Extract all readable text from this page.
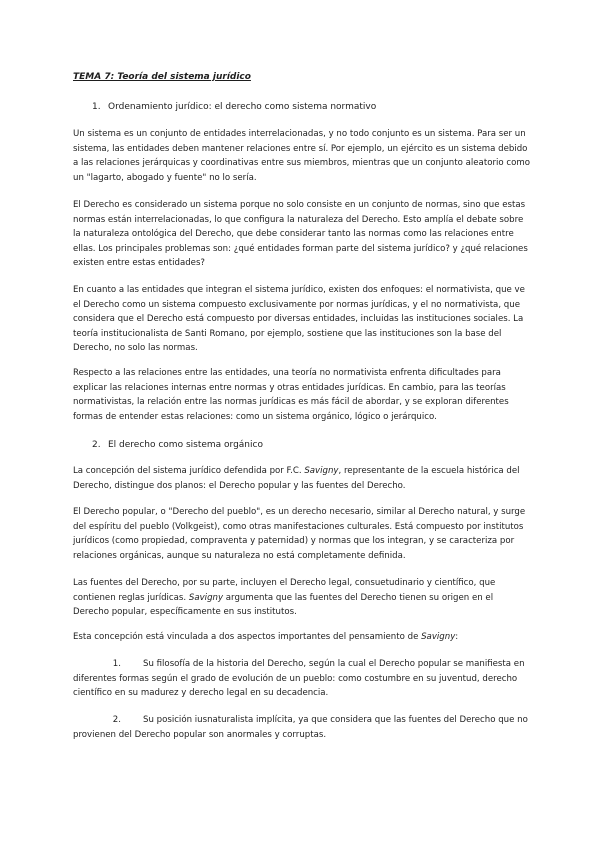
TEMA 7: Teoría del sistema jurídico

1. Ordenamiento jurídico: el derecho como sistema normativo

Un sistema es un conjunto de entidades interrelacionadas, y no todo conjunto es un sistema. Para ser un sistema, las entidades deben mantener relaciones entre sí. Por ejemplo, un ejército es un sistema debido a las relaciones jerárquicas y coordinativas entre sus miembros, mientras que un conjunto aleatorio como un "lagarto, abogado y fuente" no lo sería.

El Derecho es considerado un sistema porque no solo consiste en un conjunto de normas, sino que estas normas están interrelacionadas, lo que configura la naturaleza del Derecho. Esto amplía el debate sobre la naturaleza ontológica del Derecho, que debe considerar tanto las normas como las relaciones entre ellas. Los principales problemas son: ¿qué entidades forman parte del sistema jurídico? y ¿qué relaciones existen entre estas entidades?

En cuanto a las entidades que integran el sistema jurídico, existen dos enfoques: el normativista, que ve el Derecho como un sistema compuesto exclusivamente por normas jurídicas, y el no normativista, que considera que el Derecho está compuesto por diversas entidades, incluidas las instituciones sociales. La teoría institucionalista de Santi Romano, por ejemplo, sostiene que las instituciones son la base del Derecho, no solo las normas.

Respecto a las relaciones entre las entidades, una teoría no normativista enfrenta dificultades para explicar las relaciones internas entre normas y otras entidades jurídicas. En cambio, para las teorías normativistas, la relación entre las normas jurídicas es más fácil de abordar, y se exploran diferentes formas de entender estas relaciones: como un sistema orgánico, lógico o jerárquico.

2. El derecho como sistema orgánico

La concepción del sistema jurídico defendida por F.C. Savigny, representante de la escuela histórica del Derecho, distingue dos planos: el Derecho popular y las fuentes del Derecho.

El Derecho popular, o "Derecho del pueblo", es un derecho necesario, similar al Derecho natural, y surge del espíritu del pueblo (Volkgeist), como otras manifestaciones culturales. Está compuesto por institutos jurídicos (como propiedad, compraventa y paternidad) y normas que los integran, y se caracteriza por relaciones orgánicas, aunque su naturaleza no está completamente definida.

Las fuentes del Derecho, por su parte, incluyen el Derecho legal, consuetudinario y científico, que contienen reglas jurídicas. Savigny argumenta que las fuentes del Derecho tienen su origen en el Derecho popular, específicamente en sus institutos.

Esta concepción está vinculada a dos aspectos importantes del pensamiento de Savigny:

1.	Su filosofía de la historia del Derecho, según la cual el Derecho popular se manifiesta en diferentes formas según el grado de evolución de un pueblo: como costumbre en su juventud, derecho científico en su madurez y derecho legal en su decadencia.

2.	Su posición iusnaturalista implícita, ya que considera que las fuentes del Derecho que no provienen del Derecho popular son anormales y corruptas.
